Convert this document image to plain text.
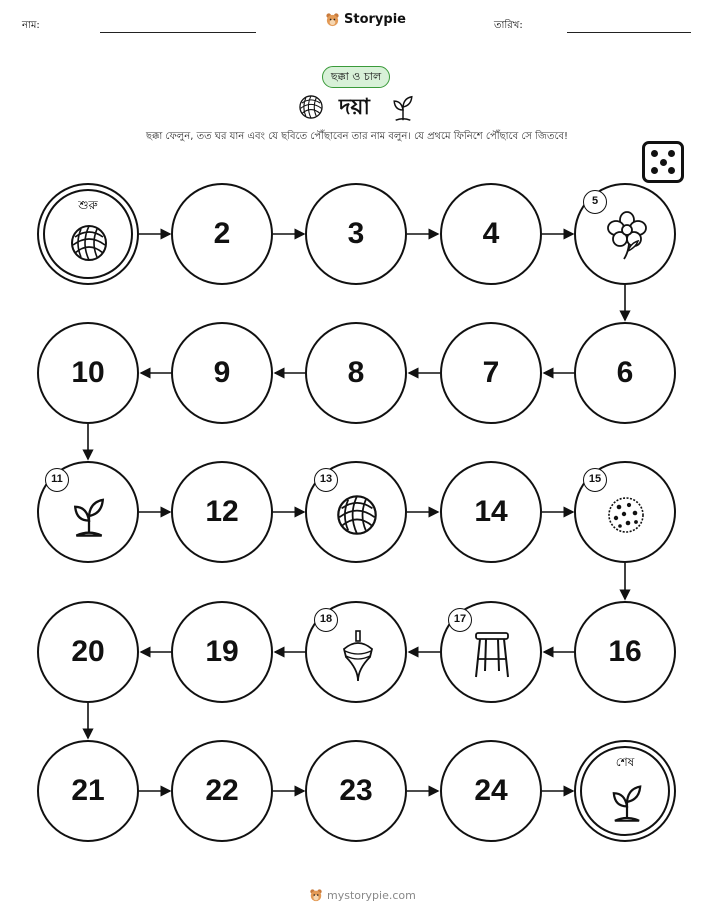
নাম:	Storypie	তারিখ:
ছক্কা ও চাল
দয়া
ছক্কা ফেলুন, তত ঘর যান এবং যে ছবিতে পৌঁছাবেন তার নাম বলুন। যে প্রথমে ফিনিশে পৌঁছাবে সে জিতবে!
শুরু
2	3	4
5
10	9	8	7	6
11
12
13
14
15
20	19
18	17
16
21	22	23	24
শেষ
mystorypie.com
